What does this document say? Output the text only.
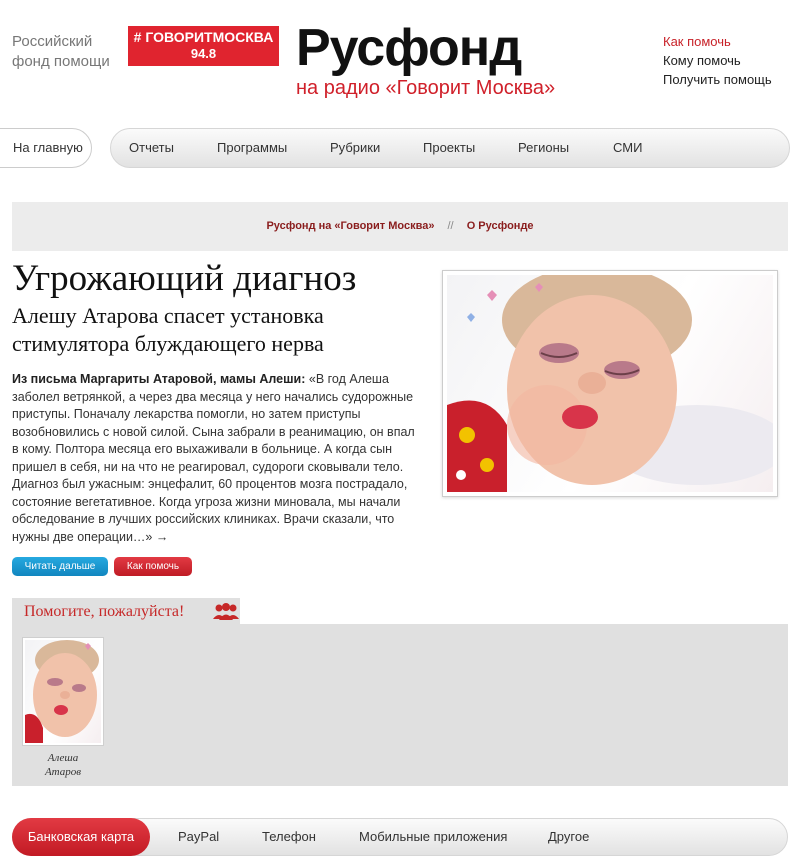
Российский фонд помощи
# ГОВОРИТМОСКВА
94.8	Русфонд
на радио «Говорит Москва»
Как помочь
Кому помочь
Получить помощь
На главную	Отчеты	Программы	Рубрики	Проекты	Регионы	СМИ
Русфонд на «Говорит Москва» // О Русфонде
Угрожающий диагноз
Алешу Атарова спасет установка стимулятора блуждающего нерва

Из письма Маргариты Атаровой, мамы Алеши: «В год Алеша заболел ветрянкой, а через два месяца у него начались судорожные приступы. Поначалу лекарства помогли, но затем приступы возобновились с новой силой. Сына забрали в реанимацию, он впал в кому. Полтора месяца его выхаживали в больнице. А когда сын пришел в себя, ни на что не реагировал, судороги сковывали тело. Диагноз был ужасным: энцефалит, 60 процентов мозга пострадало, состояние вегетативное. Когда угроза жизни миновала, мы начали обследование в лучших российских клиниках. Врачи сказали, что нужны две операции…» →

Читать дальше	Как помочь
Помогите, пожалуйста!
Алеша
Атаров
PayPal	Телефон	Мобильные приложения	Другое
Банковская карта
